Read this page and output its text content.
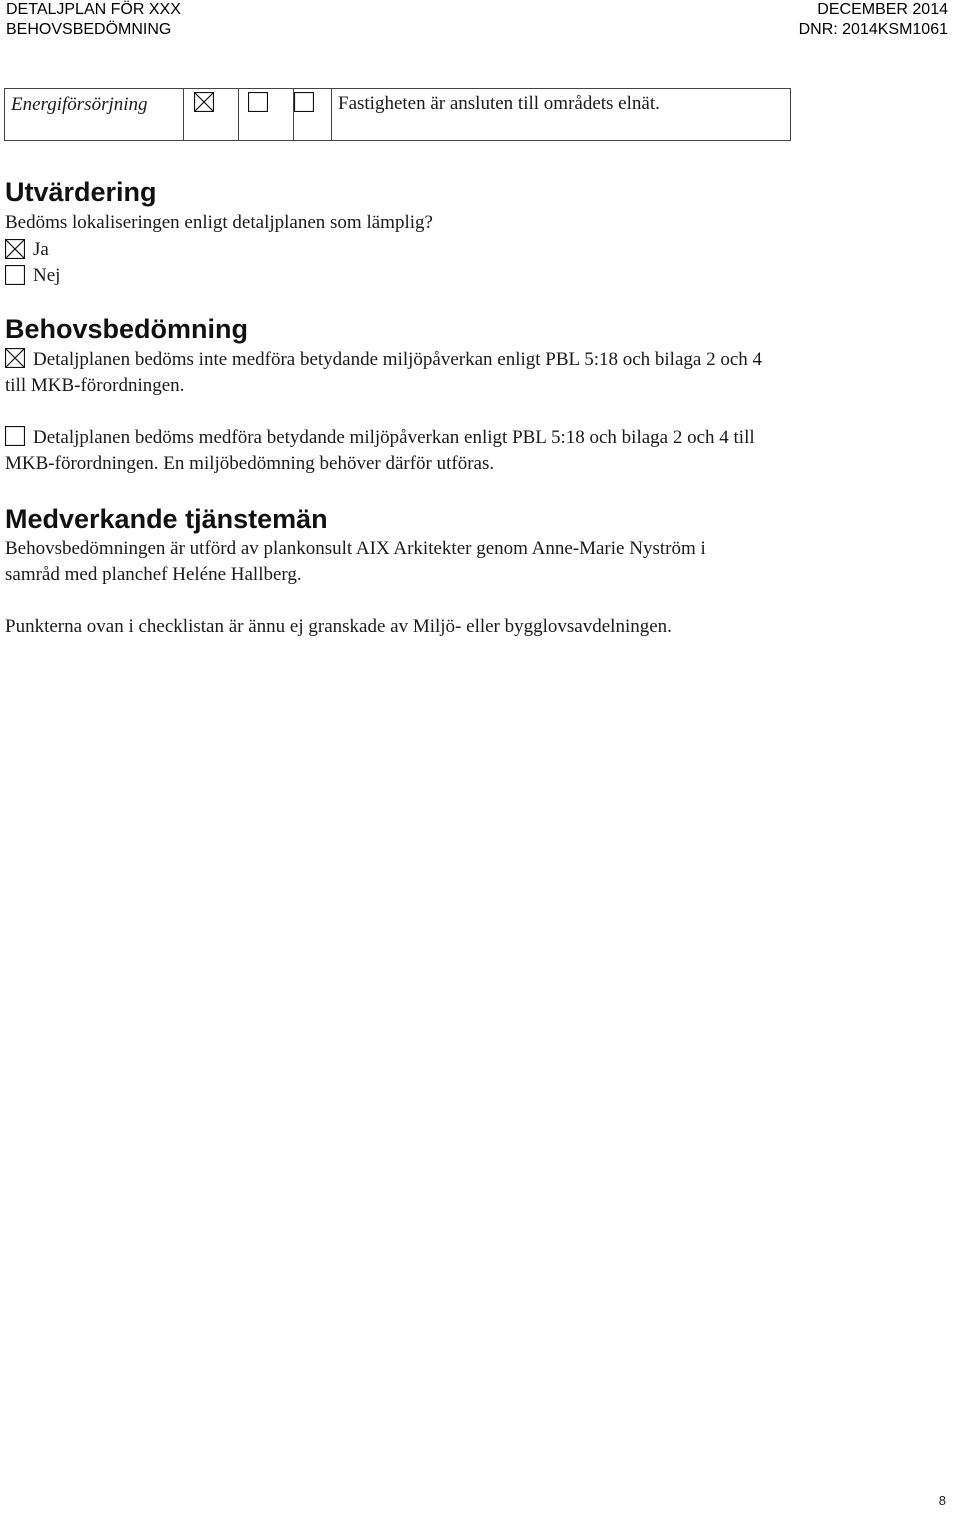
DETALJPLAN FÖR XXX
BEHOVSBEDÖMNING
DECEMBER 2014
DNR: 2014KSM1061
Energiförsörjning				Fastigheten är ansluten till områdets elnät.
Utvärdering

Bedöms lokaliseringen enligt detaljplanen som lämplig?

Ja
Nej
Behovsbedömning

Detaljplanen bedöms inte medföra betydande miljöpåverkan enligt PBL 5:18 och bilaga 2 och 4 till MKB-förordningen.

Detaljplanen bedöms medföra betydande miljöpåverkan enligt PBL 5:18 och bilaga 2 och 4 till MKB-förordningen. En miljöbedömning behöver därför utföras.

Medverkande tjänstemän

Behovsbedömningen är utförd av plankonsult AIX Arkitekter genom Anne-Marie Nyström i samråd med planchef Heléne Hallberg.

Punkterna ovan i checklistan är ännu ej granskade av Miljö- eller bygglovsavdelningen.

8
